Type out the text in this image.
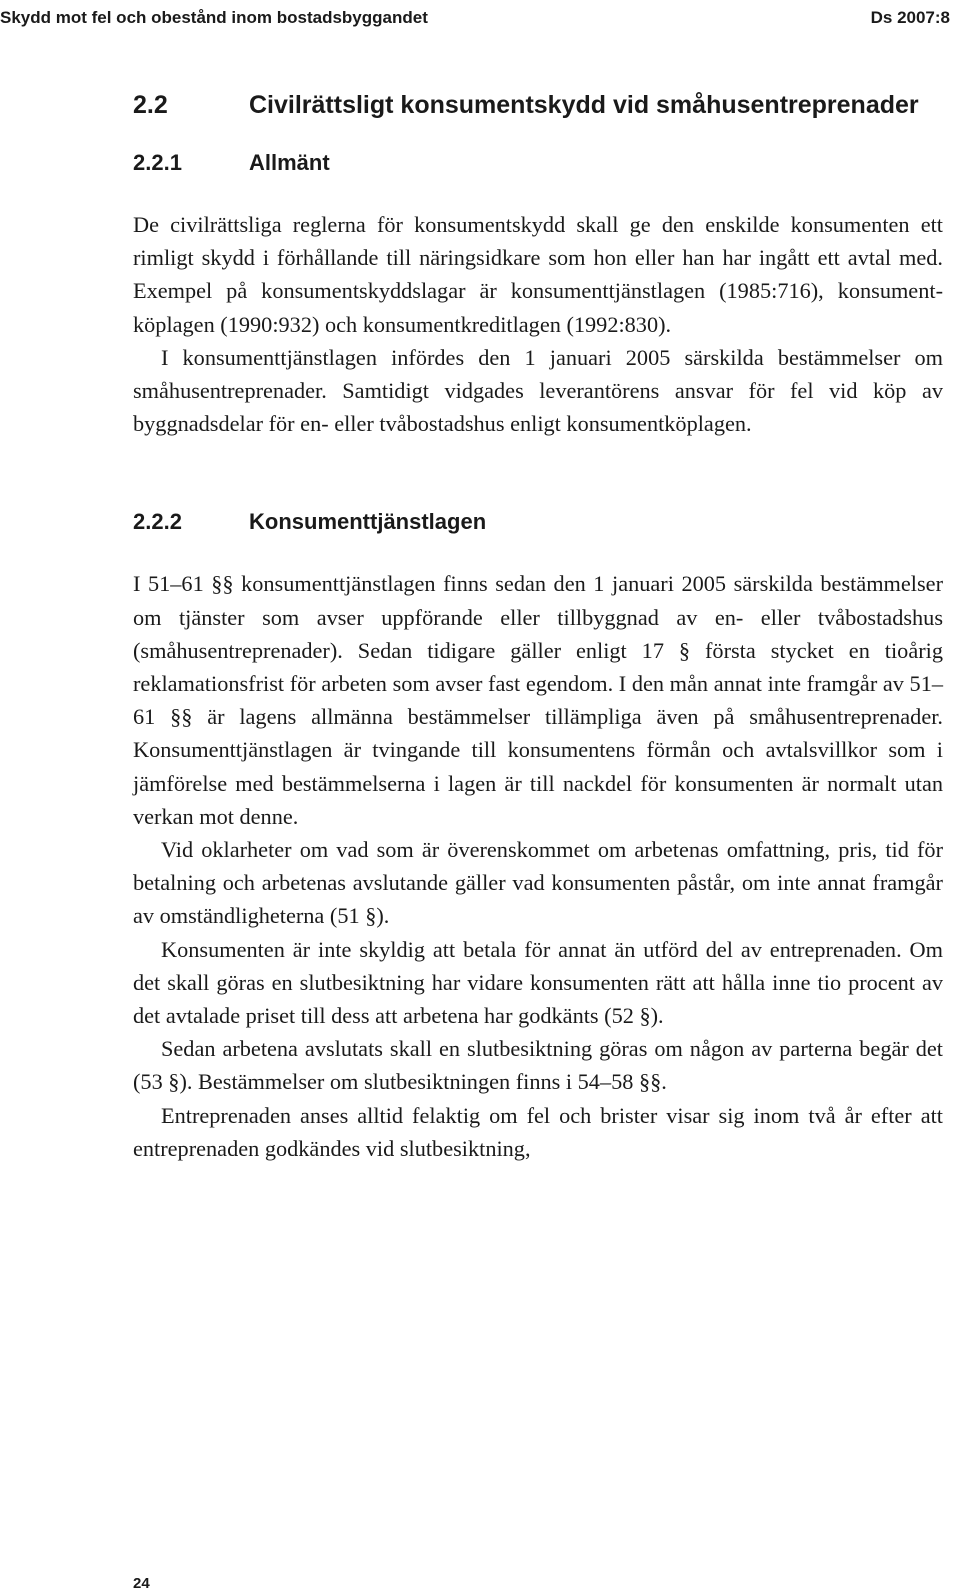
Skydd mot fel och obestånd inom bostadsbyggandet	Ds 2007:8
2.2	Civilrättsligt konsumentskydd vid småhusentreprenader
2.2.1	Allmänt

De civilrättsliga reglerna för konsumentskydd skall ge den enskilde konsumenten ett rimligt skydd i förhållande till näringsidkare som hon eller han har ingått ett avtal med. Exempel på konsumentskyddslagar är konsumenttjänstlagen (1985:716), konsumentköplagen (1990:932) och konsumentkreditlagen (1992:830).

I konsumenttjänstlagen infördes den 1 januari 2005 särskilda bestämmelser om småhusentreprenader. Samtidigt vidgades leverantörens ansvar för fel vid köp av byggnadsdelar för en- eller tvåbostadshus enligt konsumentköplagen.

2.2.2	Konsumenttjänstlagen

I 51–61 §§ konsumenttjänstlagen finns sedan den 1 januari 2005 särskilda bestämmelser om tjänster som avser uppförande eller tillbyggnad av en- eller tvåbostadshus (småhusentreprenader). Sedan tidigare gäller enligt 17 § första stycket en tioårig reklamationsfrist för arbeten som avser fast egendom. I den mån annat inte framgår av 51–61 §§ är lagens allmänna bestämmelser tillämpliga även på småhusentreprenader. Konsumenttjänstlagen är tvingande till konsumentens förmån och avtalsvillkor som i jämförelse med bestämmelserna i lagen är till nackdel för konsumenten är normalt utan verkan mot denne.

Vid oklarheter om vad som är överenskommet om arbetenas omfattning, pris, tid för betalning och arbetenas avslutande gäller vad konsumenten påstår, om inte annat framgår av omständligheterna (51 §).

Konsumenten är inte skyldig att betala för annat än utförd del av entreprenaden. Om det skall göras en slutbesiktning har vidare konsumenten rätt att hålla inne tio procent av det avtalade priset till dess att arbetena har godkänts (52 §).

Sedan arbetena avslutats skall en slutbesiktning göras om någon av parterna begär det (53 §). Bestämmelser om slutbesiktningen finns i 54–58 §§.

Entreprenaden anses alltid felaktig om fel och brister visar sig inom två år efter att entreprenaden godkändes vid slutbesiktning,

24
